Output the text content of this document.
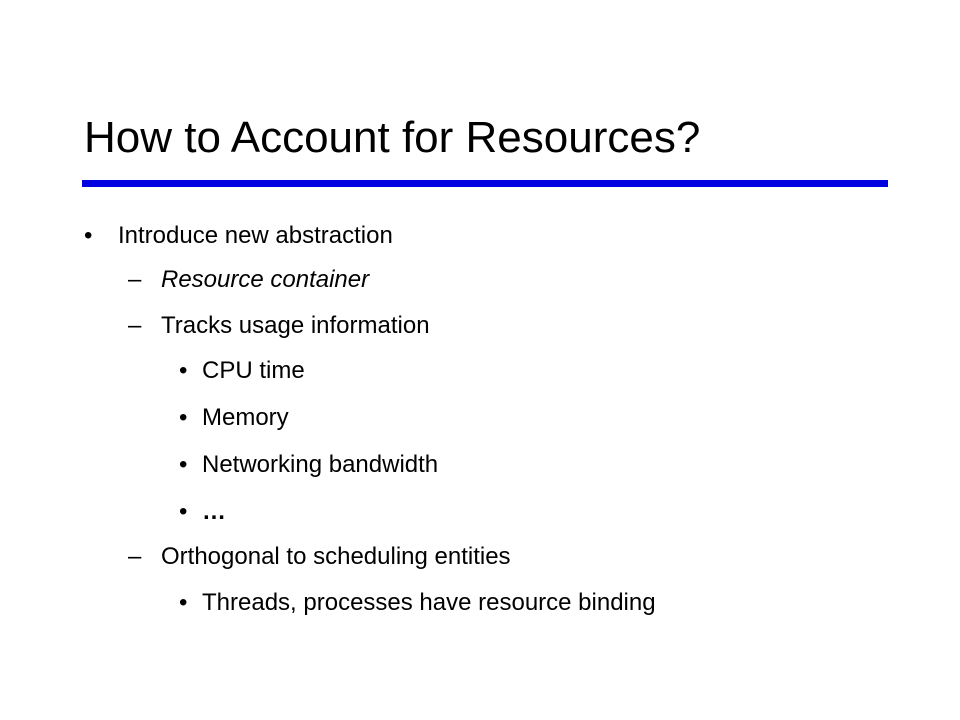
How to Account for Resources?
• Introduce new abstraction
– Resource container
– Tracks usage information
• CPU time
• Memory
• Networking bandwidth
• …
– Orthogonal to scheduling entities
• Threads, processes have resource binding
